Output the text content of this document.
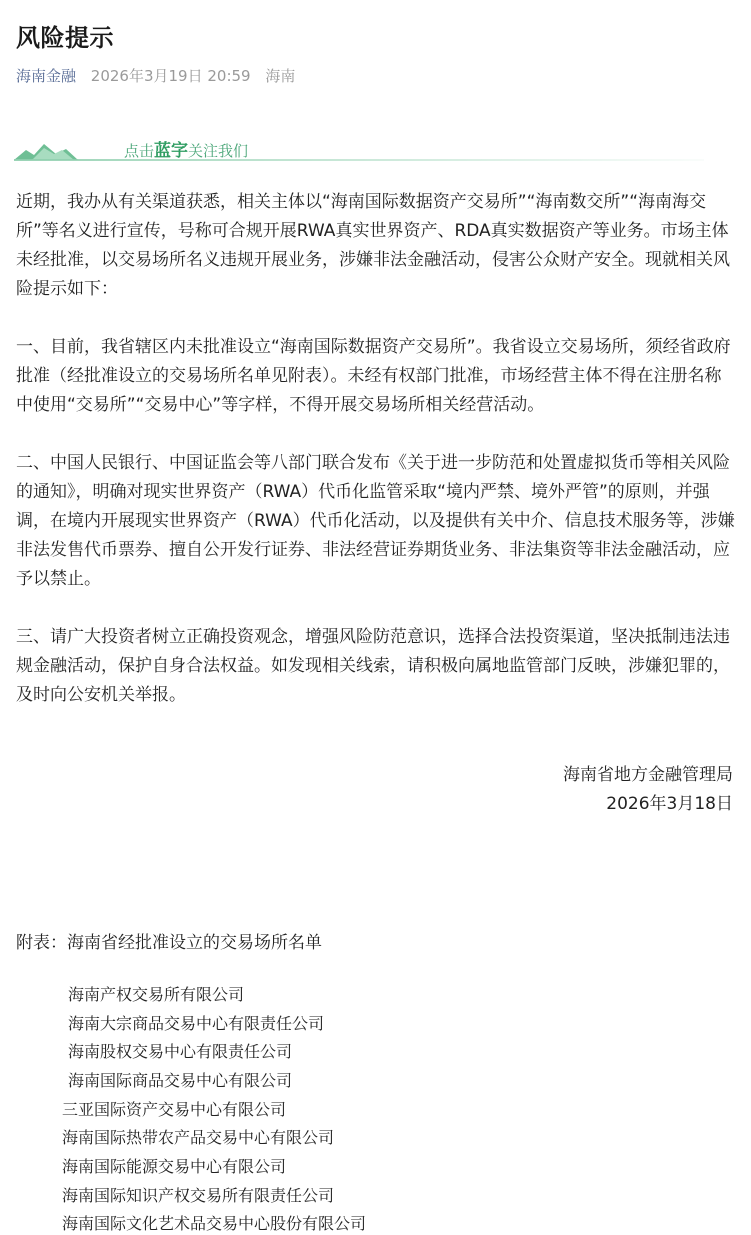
风险提示
海南金融 2026年3月19日 20:59 海南
点击蓝字关注我们

近期，我办从有关渠道获悉，相关主体以“海南国际数据资产交易所”“海南数交所”“海南海交所”等名义进行宣传，号称可合规开展RWA真实世界资产、RDA真实数据资产等业务。市场主体未经批准，以交易场所名义违规开展业务，涉嫌非法金融活动，侵害公众财产安全。现就相关风险提示如下：

一、目前，我省辖区内未批准设立“海南国际数据资产交易所”。我省设立交易场所，须经省政府批准（经批准设立的交易场所名单见附表）。未经有权部门批准，市场经营主体不得在注册名称中使用“交易所”“交易中心”等字样，不得开展交易场所相关经营活动。

二、中国人民银行、中国证监会等八部门联合发布《关于进一步防范和处置虚拟货币等相关风险的通知》，明确对现实世界资产（RWA）代币化监管采取“境内严禁、境外严管”的原则，并强调，在境内开展现实世界资产（RWA）代币化活动，以及提供有关中介、信息技术服务等，涉嫌非法发售代币票券、擅自公开发行证券、非法经营证券期货业务、非法集资等非法金融活动，应予以禁止。

三、请广大投资者树立正确投资观念，增强风险防范意识，选择合法投资渠道，坚决抵制违法违规金融活动，保护自身合法权益。如发现相关线索，请积极向属地监管部门反映，涉嫌犯罪的，及时向公安机关举报。

海南省地方金融管理局
2026年3月18日
附表：海南省经批准设立的交易场所名单
海南产权交易所有限公司
海南大宗商品交易中心有限责任公司
海南股权交易中心有限责任公司
海南国际商品交易中心有限公司
三亚国际资产交易中心有限公司
海南国际热带农产品交易中心有限公司
海南国际能源交易中心有限公司
海南国际知识产权交易所有限责任公司
海南国际文化艺术品交易中心股份有限公司
